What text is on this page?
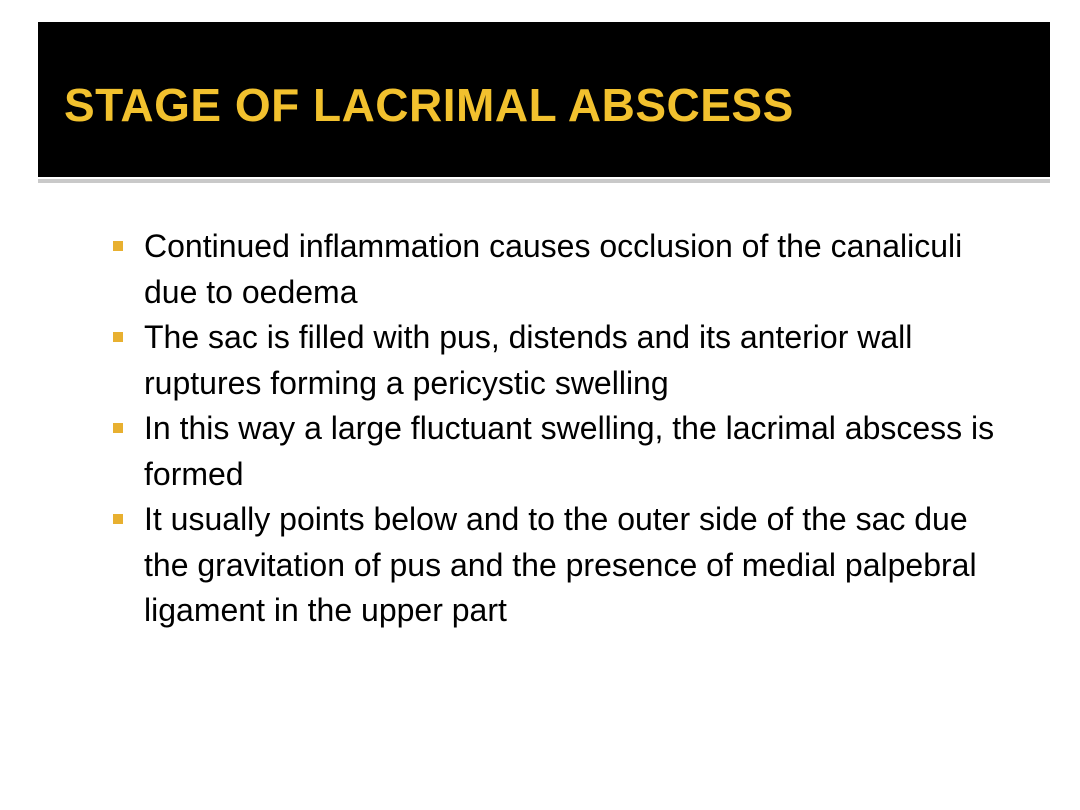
STAGE OF LACRIMAL ABSCESS
Continued inflammation causes occlusion of the canaliculi due to oedema
The sac is filled with pus, distends and its anterior wall ruptures forming a pericystic swelling
In this way a large fluctuant swelling, the lacrimal abscess is formed
It usually points below and to the outer side of the sac due the gravitation of pus and the presence of medial palpebral ligament in the upper part
